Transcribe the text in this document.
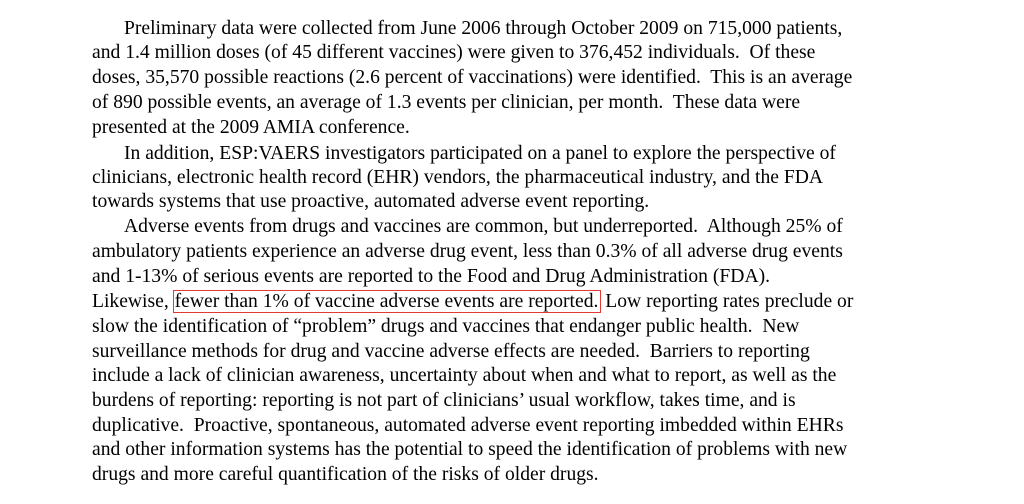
Preliminary data were collected from June 2006 through October 2009 on 715,000 patients,

and 1.4 million doses (of 45 different vaccines) were given to 376,452 individuals.  Of these

doses, 35,570 possible reactions (2.6 percent of vaccinations) were identified.  This is an average

of 890 possible events, an average of 1.3 events per clinician, per month.  These data were

presented at the 2009 AMIA conference.

In addition, ESP:VAERS investigators participated on a panel to explore the perspective of

clinicians, electronic health record (EHR) vendors, the pharmaceutical industry, and the FDA

towards systems that use proactive, automated adverse event reporting.

Adverse events from drugs and vaccines are common, but underreported.  Although 25% of

ambulatory patients experience an adverse drug event, less than 0.3% of all adverse drug events

and 1-13% of serious events are reported to the Food and Drug Administration (FDA).

Likewise, fewer than 1% of vaccine adverse events are reported. Low reporting rates preclude or

slow the identification of “problem” drugs and vaccines that endanger public health.  New

surveillance methods for drug and vaccine adverse effects are needed.  Barriers to reporting

include a lack of clinician awareness, uncertainty about when and what to report, as well as the

burdens of reporting: reporting is not part of clinicians’ usual workflow, takes time, and is

duplicative.  Proactive, spontaneous, automated adverse event reporting imbedded within EHRs

and other information systems has the potential to speed the identification of problems with new

drugs and more careful quantification of the risks of older drugs.
